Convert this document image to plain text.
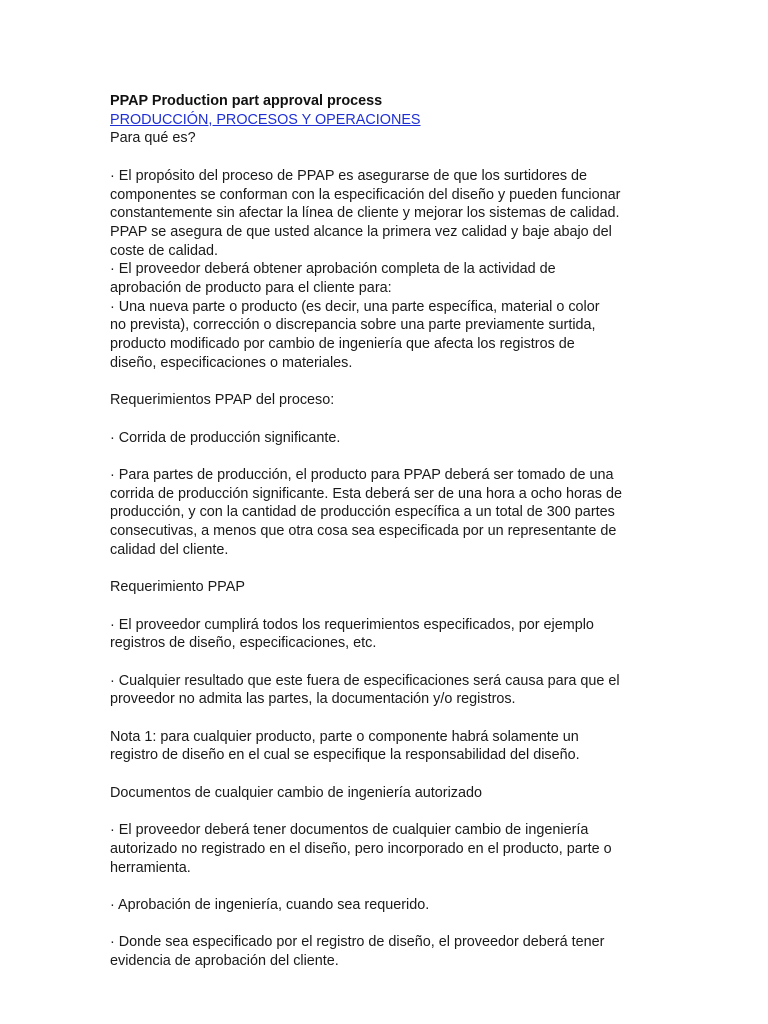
PPAP Production part approval process

PRODUCCIÓN, PROCESOS Y OPERACIONES

Para qué es?

· El propósito del proceso de PPAP es asegurarse de que los surtidores de
componentes se conforman con la especificación del diseño y pueden funcionar
constantemente sin afectar la línea de cliente y mejorar los sistemas de calidad.
PPAP se asegura de que usted alcance la primera vez calidad y baje abajo del
coste de calidad.
· El proveedor deberá obtener aprobación completa de la actividad de
aprobación de producto para el cliente para:
· Una nueva parte o producto (es decir, una parte específica, material o color
no prevista), corrección o discrepancia sobre una parte previamente surtida,
producto modificado por cambio de ingeniería que afecta los registros de
diseño, especificaciones o materiales.

Requerimientos PPAP del proceso:

· Corrida de producción significante.

· Para partes de producción, el producto para PPAP deberá ser tomado de una
corrida de producción significante. Esta deberá ser de una hora a ocho horas de
producción, y con la cantidad de producción específica a un total de 300 partes
consecutivas, a menos que otra cosa sea especificada por un representante de
calidad del cliente.

Requerimiento PPAP

· El proveedor cumplirá todos los requerimientos especificados, por ejemplo
registros de diseño, especificaciones, etc.

· Cualquier resultado que este fuera de especificaciones será causa para que el
proveedor no admita las partes, la documentación y/o registros.

Nota 1: para cualquier producto, parte o componente habrá solamente un
registro de diseño en el cual se especifique la responsabilidad del diseño.

Documentos de cualquier cambio de ingeniería autorizado

· El proveedor deberá tener documentos de cualquier cambio de ingeniería
autorizado no registrado en el diseño, pero incorporado en el producto, parte o
herramienta.

· Aprobación de ingeniería, cuando sea requerido.

· Donde sea especificado por el registro de diseño, el proveedor deberá tener
evidencia de aprobación del cliente.
